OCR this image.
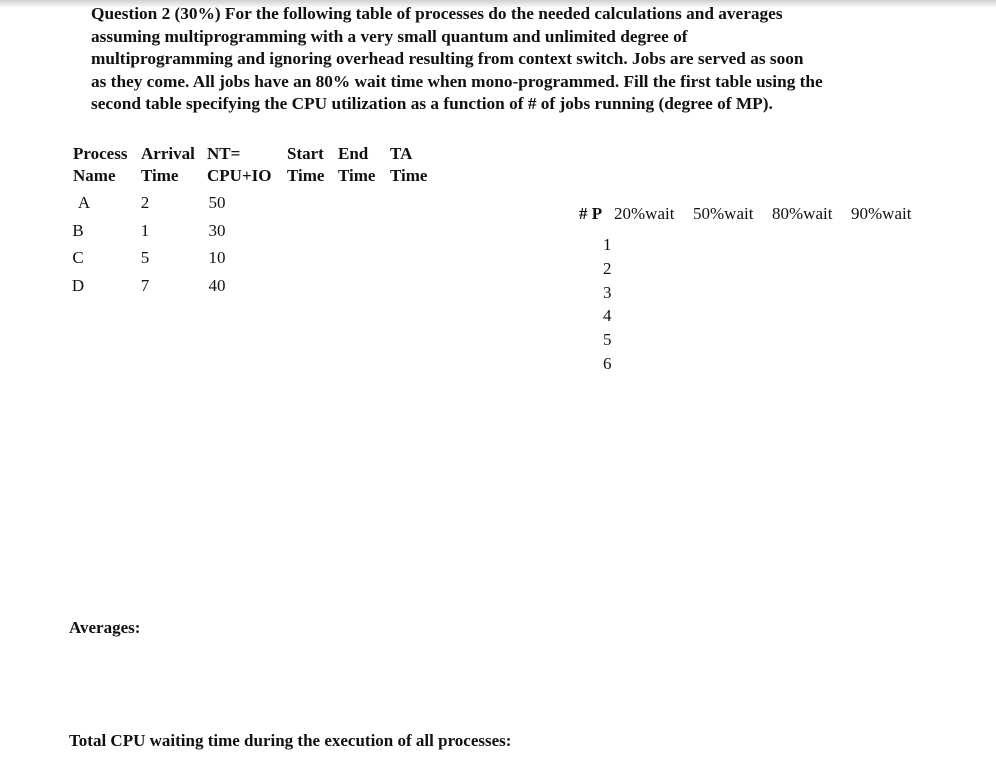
Question 2 (30%) For the following table of processes do the needed calculations and averages
assuming multiprogramming with a very small quantum and unlimited degree of
multiprogramming and ignoring overhead resulting from context switch. Jobs are served as soon
as they come. All jobs have an 80% wait time when mono-programmed. Fill the first table using the
second table specifying the CPU utilization as a function of # of jobs running (degree of MP).
Process Arrival NT=	Start End TA
Name Time CPU+IO Time Time Time
A	2	50
B	1	30
C	5	10
D	7	40
# P 20%wait 50%wait 80%wait 90%wait
1
2
3
4
5
6
Averages:
Total CPU waiting time during the execution of all processes:
